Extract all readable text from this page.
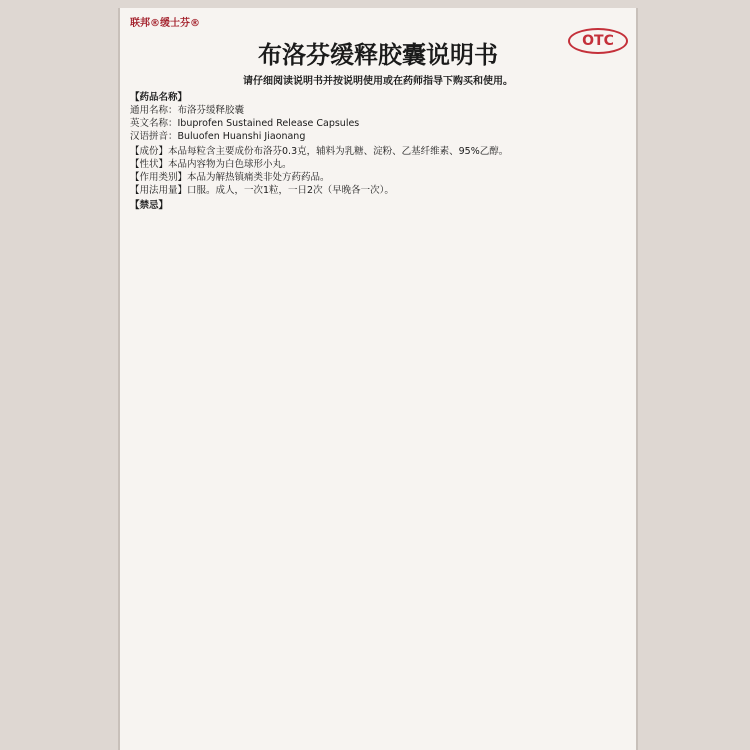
联邦®缓士芬®
OTC
布洛芬缓释胶囊说明书
请仔细阅读说明书并按说明使用或在药师指导下购买和使用。
【药品名称】
通用名称：布洛芬缓释胶囊
英文名称：Ibuprofen Sustained Release Capsules
汉语拼音：Buluofen Huanshi Jiaonang
【成份】本品每粒含主要成份布洛芬0.3克，辅料为乳糖、淀粉、乙基纤维素、95%乙醇。
【性状】本品内容物为白色球形小丸。
【作用类别】本品为解热镇痛类非处方药药品。
【用法用量】口服。成人，一次1粒，一日2次（早晚各一次）。
【禁忌】
